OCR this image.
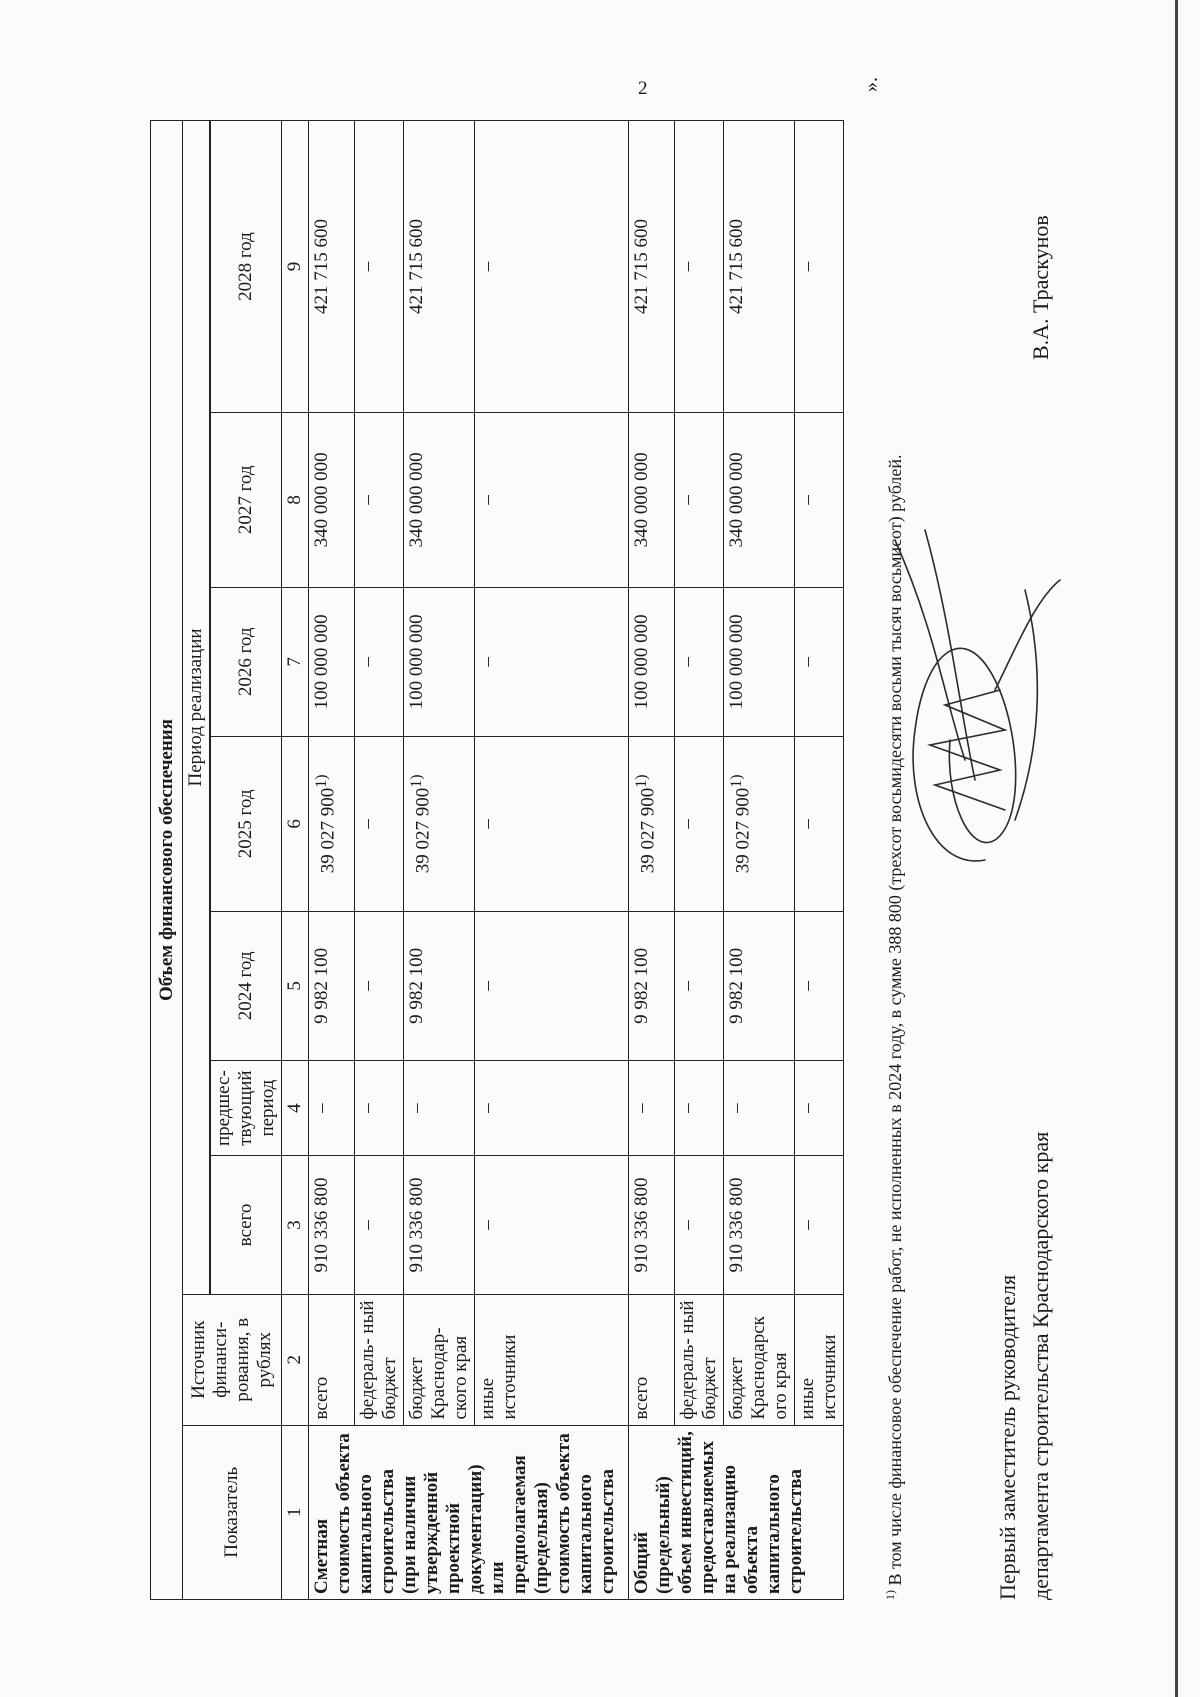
2
Объем финансового обеспечения								
Показатель	Источник финанси- рования, в рублях	Период реализации						

		всего	предшес- твующий период	2024 год	2025 год	2026 год	2027 год	2028 год
1	2	3	4	5	6	7	8	9
Сметная стоимость объекта капитального строительства (при наличии утвержденной проектной документации) или предполагаемая (предельная) стоимость объекта капитального строительства	всего	910 336 800	–	9 982 100	39 027 900$^{1)}$	100 000 000	340 000 000	421 715 600
	федераль- ный бюджет	–	–	–	–	–	–	–
	бюджет Краснодар- ского края	910 336 800	–	9 982 100	39 027 900$^{1)}$	100 000 000	340 000 000	421 715 600
	иные источники	–	–	–	–	–	–	–
Общий (предельный) объем инвестиций, предоставляемых на реализацию объекта капитального строительства	всего	910 336 800	–	9 982 100	39 027 900$^{1)}$	100 000 000	340 000 000	421 715 600
	федераль- ный бюджет	–	–	–	–	–	–	–
	бюджет Краснодарск ого края	910 336 800	–	9 982 100	39 027 900$^{1)}$	100 000 000	340 000 000	421 715 600
	иные источники	–	–	–	–	–	–	–
$^{1)}$ В том числе финансовое обеспечение работ, не исполненных в 2024 году, в сумме 388 800 (трехсот восьмидесяти восьми тысяч восьмисот) рублей.
».
Первый заместитель руководителя департамента строительства Краснодарского края
В.А. Траскунов
